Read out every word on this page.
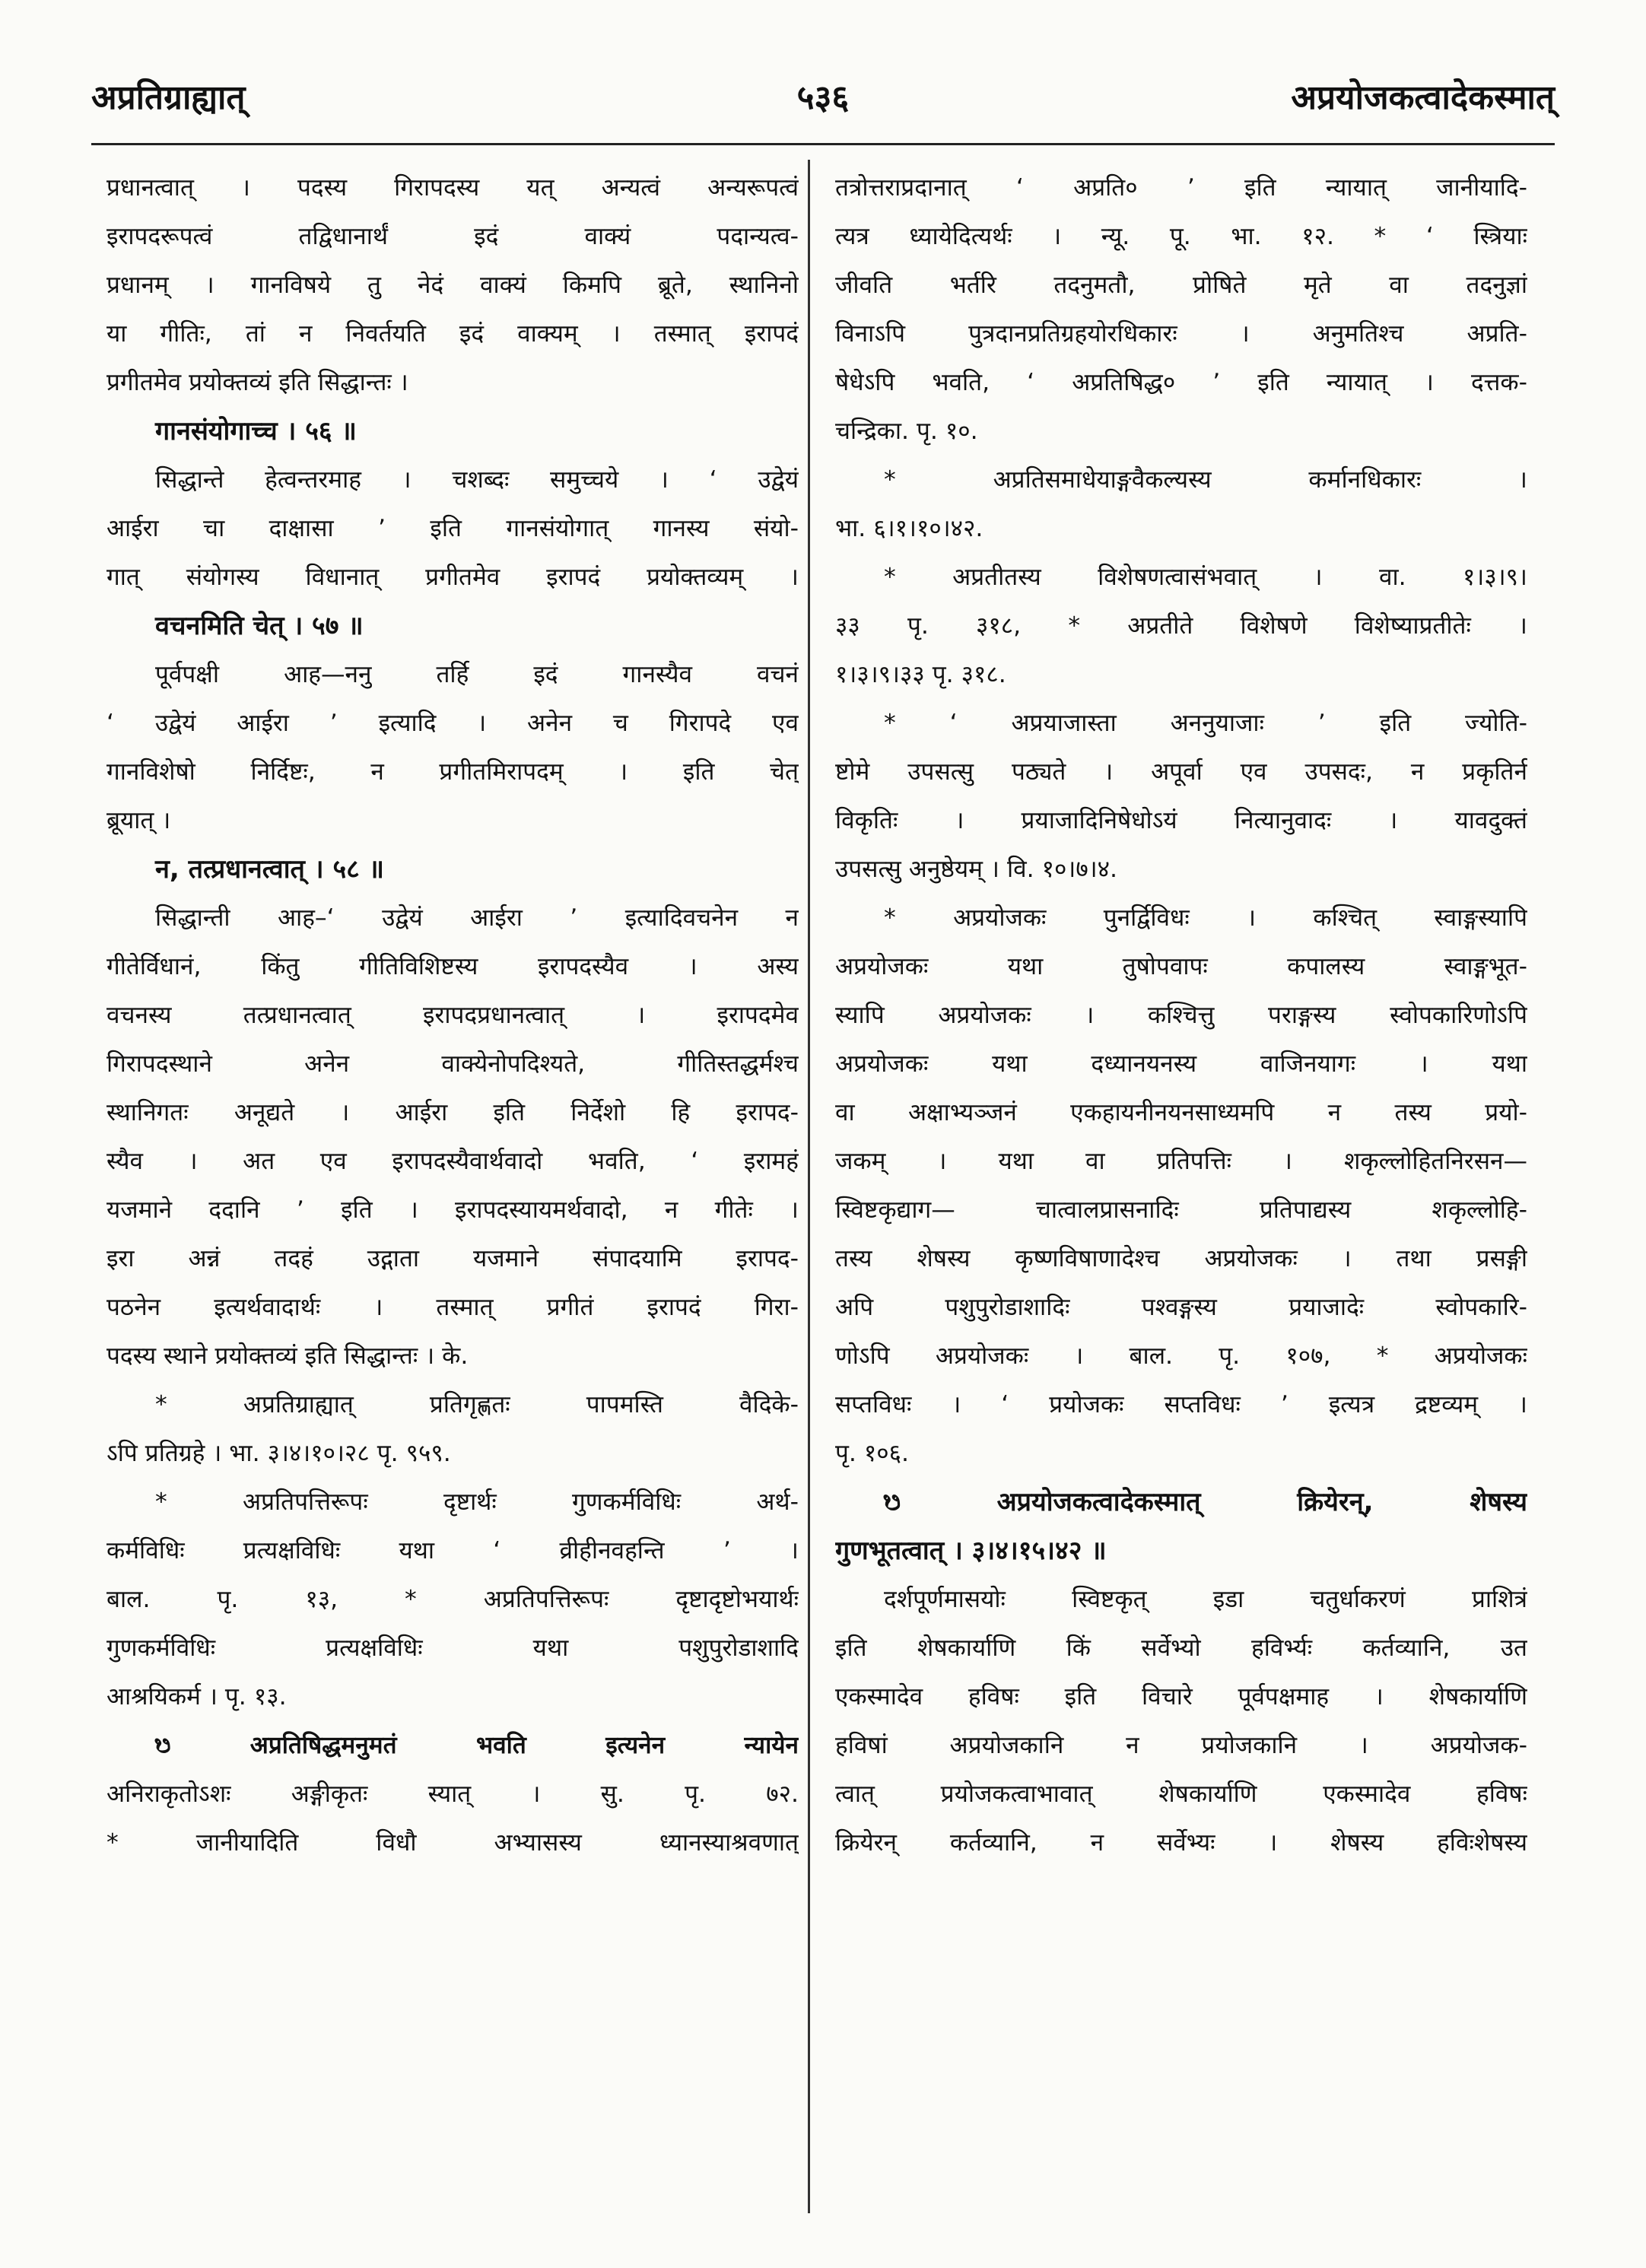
अप्रतिग्राह्यात्	५३६	अप्रयोजकत्वादेकस्मात्
प्रधानत्वात् । पदस्य गिरापदस्य यत् अन्यत्वं अन्यरूपत्वं
इरापदरूपत्वं तद्विधानार्थं इदं वाक्यं पदान्यत्व-
प्रधानम् । गानविषये तु नेदं वाक्यं किमपि ब्रूते, स्थानिनो
या गीतिः, तां न निवर्तयति इदं वाक्यम् । तस्मात् इरापदं
प्रगीतमेव प्रयोक्तव्यं इति सिद्धान्तः ।
गानसंयोगाच्च । ५६ ॥
सिद्धान्ते हेत्वन्तरमाह । चशब्दः समुच्चये । ‘ उद्वेयं
आईरा चा दाक्षासा ’ इति गानसंयोगात् गानस्य संयो-
गात् संयोगस्य विधानात् प्रगीतमेव इरापदं प्रयोक्तव्यम् ।
वचनमिति चेत् । ५७ ॥
पूर्वपक्षी आह—ननु तर्हि इदं गानस्यैव वचनं
‘ उद्वेयं आईरा ’ इत्यादि । अनेन च गिरापदे एव
गानविशेषो निर्दिष्टः, न प्रगीतमिरापदम् । इति चेत्
ब्रूयात् ।
न, तत्प्रधानत्वात् । ५८ ॥
सिद्धान्ती आह–‘ उद्वेयं आईरा ’ इत्यादिवचनेन न
गीतेर्विधानं, किंतु गीतिविशिष्टस्य इरापदस्यैव । अस्य
वचनस्य तत्प्रधानत्वात् इरापदप्रधानत्वात् । इरापदमेव
गिरापदस्थाने अनेन वाक्येनोपदिश्यते, गीतिस्तद्धर्मश्च
स्थानिगतः अनूद्यते । आईरा इति निर्देशो हि इरापद-
स्यैव । अत एव इरापदस्यैवार्थवादो भवति, ‘ इरामहं
यजमाने ददानि ’ इति । इरापदस्यायमर्थवादो, न गीतेः ।
इरा अन्नं तदहं उद्गाता यजमाने संपादयामि इरापद-
पठनेन इत्यर्थवादार्थः । तस्मात् प्रगीतं इरापदं गिरा-
पदस्य स्थाने प्रयोक्तव्यं इति सिद्धान्तः । के.
* अप्रतिग्राह्यात् प्रतिगृह्णतः पापमस्ति वैदिके-
ऽपि प्रतिग्रहे । भा. ३।४।१०।२८ पृ. ९५९.
* अप्रतिपत्तिरूपः दृष्टार्थः गुणकर्मविधिः अर्थ-
कर्मविधिः प्रत्यक्षविधिः यथा ‘ व्रीहीनवहन्ति ’ ।
बाल. पृ. १३, * अप्रतिपत्तिरूपः दृष्टादृष्टोभयार्थः
गुणकर्मविधिः प्रत्यक्षविधिः यथा पशुपुरोडाशादि
आश्रयिकर्म । पृ. १३.
ᳫ अप्रतिषिद्धमनुमतं भवति इत्यनेन न्यायेन
अनिराकृतोऽशः अङ्गीकृतः स्यात् । सु. पृ. ७२.
* जानीयादिति विधौ अभ्यासस्य ध्यानस्याश्रवणात्
तत्रोत्तराप्रदानात् ‘ अप्रति० ’ इति न्यायात् जानीयादि-
त्यत्र ध्यायेदित्यर्थः । न्यू. पू. भा. १२. * ‘ स्त्रियाः
जीवति भर्तरि तदनुमतौ, प्रोषिते मृते वा तदनुज्ञां
विनाऽपि पुत्रदानप्रतिग्रहयोरधिकारः । अनुमतिश्च अप्रति-
षेधेऽपि भवति, ‘ अप्रतिषिद्ध० ’ इति न्यायात् । दत्तक-
चन्द्रिका. पृ. १०.
* अप्रतिसमाधेयाङ्गवैकल्यस्य कर्मानधिकारः ।
भा. ६।१।१०।४२.
* अप्रतीतस्य विशेषणत्वासंभवात् । वा. १।३।९।
३३ पृ. ३१८, * अप्रतीते विशेषणे विशेष्याप्रतीतेः ।
१।३।९।३३ पृ. ३१८.
* ‘ अप्रयाजास्ता अननुयाजाः ’ इति ज्योति-
ष्टोमे उपसत्सु पठ्यते । अपूर्वा एव उपसदः, न प्रकृतिर्न
विकृतिः । प्रयाजादिनिषेधोऽयं नित्यानुवादः । यावदुक्तं
उपसत्सु अनुष्ठेयम् । वि. १०।७।४.
* अप्रयोजकः पुनर्द्विविधः । कश्चित् स्वाङ्गस्यापि
अप्रयोजकः यथा तुषोपवापः कपालस्य स्वाङ्गभूत-
स्यापि अप्रयोजकः । कश्चित्तु पराङ्गस्य स्वोपकारिणोऽपि
अप्रयोजकः यथा दध्यानयनस्य वाजिनयागः । यथा
वा अक्षाभ्यञ्जनं एकहायनीनयनसाध्यमपि न तस्य प्रयो-
जकम् । यथा वा प्रतिपत्तिः । शकृल्लोहितनिरसन—
स्विष्टकृद्याग— चात्वालप्रासनादिः प्रतिपाद्यस्य शकृल्लोहि-
तस्य शेषस्य कृष्णविषाणादेश्च अप्रयोजकः । तथा प्रसङ्गी
अपि पशुपुरोडाशादिः पश्वङ्गस्य प्रयाजादेः स्वोपकारि-
णोऽपि अप्रयोजकः । बाल. पृ. १०७, * अप्रयोजकः
सप्तविधः । ‘ प्रयोजकः सप्तविधः ’ इत्यत्र द्रष्टव्यम् ।
पृ. १०६.
ᳫ अप्रयोजकत्वादेकस्मात् क्रियेरन्, शेषस्य
गुणभूतत्वात् । ३।४।१५।४२ ॥
दर्शपूर्णमासयोः स्विष्टकृत् इडा चतुर्धाकरणं प्राशित्रं
इति शेषकार्याणि किं सर्वेभ्यो हविर्भ्यः कर्तव्यानि, उत
एकस्मादेव हविषः इति विचारे पूर्वपक्षमाह । शेषकार्याणि
हविषां अप्रयोजकानि न प्रयोजकानि । अप्रयोजक-
त्वात् प्रयोजकत्वाभावात् शेषकार्याणि एकस्मादेव हविषः
क्रियेरन् कर्तव्यानि, न सर्वेभ्यः । शेषस्य हविःशेषस्य
